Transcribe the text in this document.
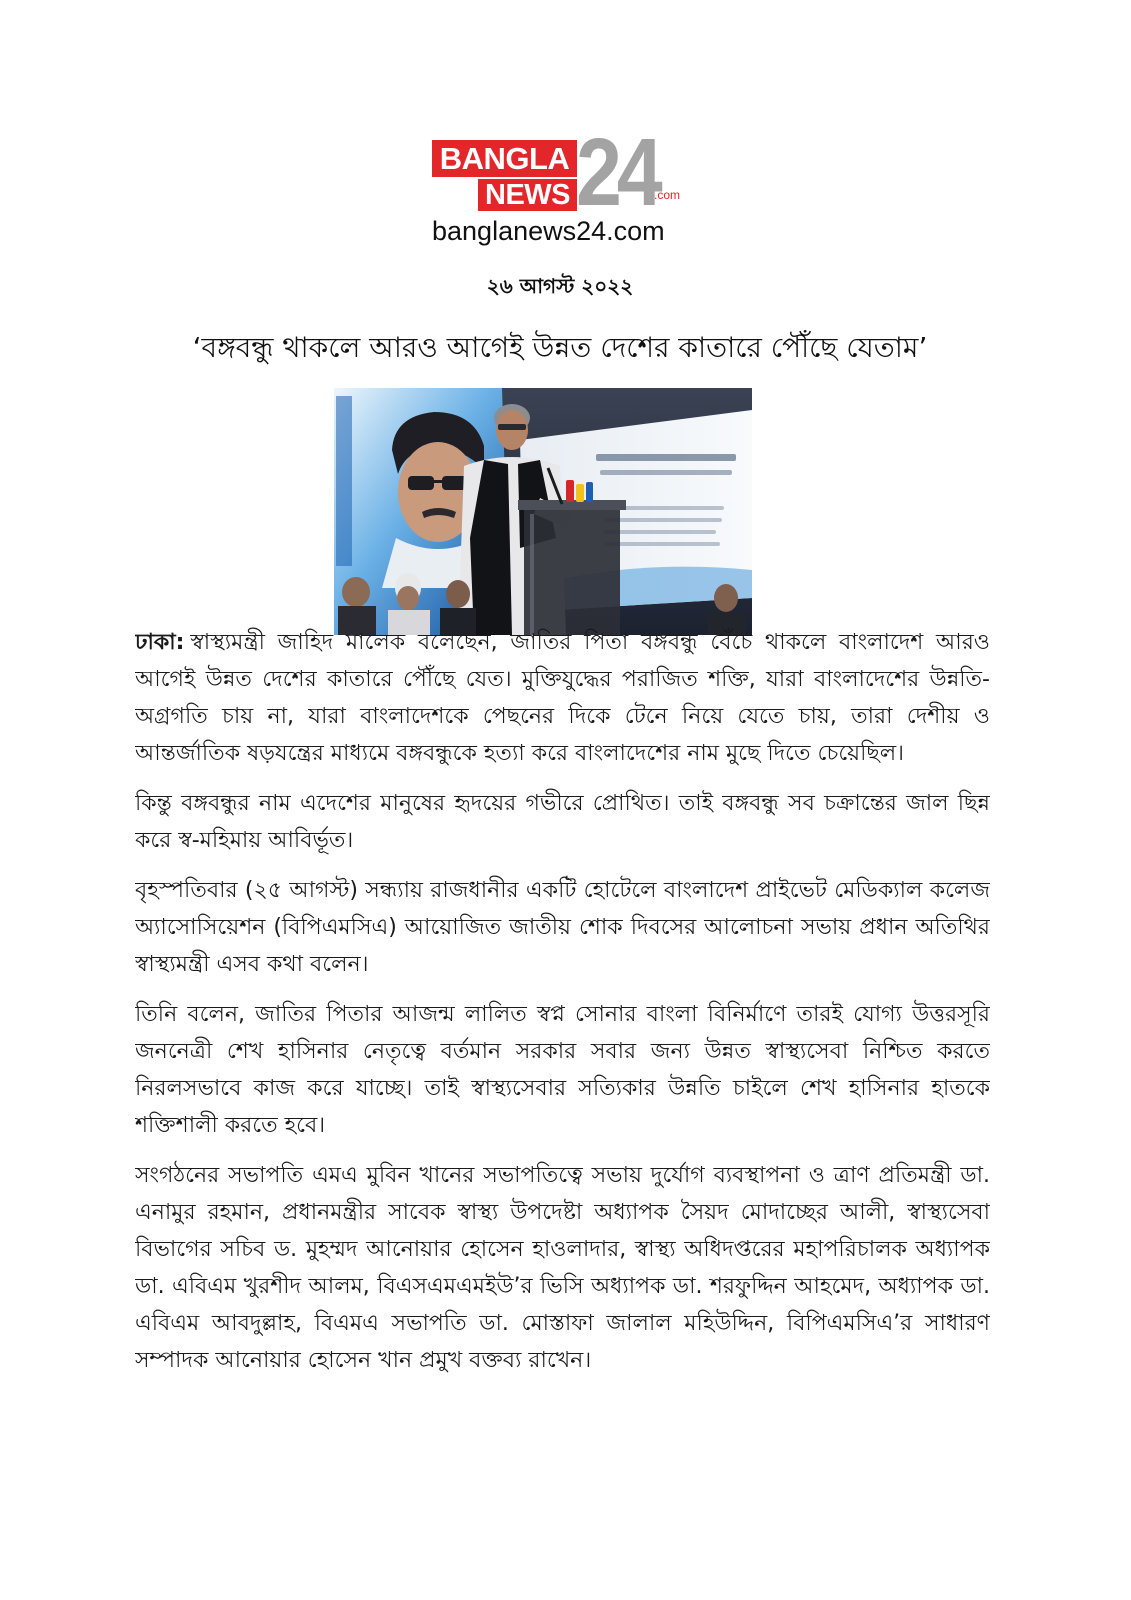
BANGLA
NEWS 24
.com
banglanews24.com
২৬ আগস্ট ২০২২
‘বঙ্গবন্ধু থাকলে আরও আগেই উন্নত দেশের কাতারে পৌঁছে যেতাম’

ঢাকা: স্বাস্থ্যমন্ত্রী জাহিদ মালেক বলেছেন, জাতির পিতা বঙ্গবন্ধু বেঁচে থাকলে বাংলাদেশ আরও আগেই উন্নত দেশের কাতারে পৌঁছে যেত। মুক্তিযুদ্ধের পরাজিত শক্তি, যারা বাংলাদেশের উন্নতি-অগ্রগতি চায় না, যারা বাংলাদেশকে পেছনের দিকে টেনে নিয়ে যেতে চায়, তারা দেশীয় ও আন্তর্জাতিক ষড়যন্ত্রের মাধ্যমে বঙ্গবন্ধুকে হত্যা করে বাংলাদেশের নাম মুছে দিতে চেয়েছিল।

কিন্তু বঙ্গবন্ধুর নাম এদেশের মানুষের হৃদয়ের গভীরে প্রোথিত। তাই বঙ্গবন্ধু সব চক্রান্তের জাল ছিন্ন করে স্ব-মহিমায় আবির্ভূত।

বৃহস্পতিবার (২৫ আগস্ট) সন্ধ্যায় রাজধানীর একটি হোটেলে বাংলাদেশ প্রাইভেট মেডিক্যাল কলেজ অ্যাসোসিয়েশন (বিপিএমসিএ) আয়োজিত জাতীয় শোক দিবসের আলোচনা সভায় প্রধান অতিথির স্বাস্থ্যমন্ত্রী এসব কথা বলেন।

তিনি বলেন, জাতির পিতার আজন্ম লালিত স্বপ্ন সোনার বাংলা বিনির্মাণে তারই যোগ্য উত্তরসূরি জননেত্রী শেখ হাসিনার নেতৃত্বে বর্তমান সরকার সবার জন্য উন্নত স্বাস্থ্যসেবা নিশ্চিত করতে নিরলসভাবে কাজ করে যাচ্ছে। তাই স্বাস্থ্যসেবার সত্যিকার উন্নতি চাইলে শেখ হাসিনার হাতকে শক্তিশালী করতে হবে।

সংগঠনের সভাপতি এমএ মুবিন খানের সভাপতিত্বে সভায় দুর্যোগ ব্যবস্থাপনা ও ত্রাণ প্রতিমন্ত্রী ডা. এনামুর রহমান, প্রধানমন্ত্রীর সাবেক স্বাস্থ্য উপদেষ্টা অধ্যাপক সৈয়দ মোদাচ্ছের আলী, স্বাস্থ্যসেবা বিভাগের সচিব ড. মুহম্মদ আনোয়ার হোসেন হাওলাদার, স্বাস্থ্য অধিদপ্তরের মহাপরিচালক অধ্যাপক ডা. এবিএম খুরশীদ আলম, বিএসএমএমইউ’র ভিসি অধ্যাপক ডা. শরফুদ্দিন আহমেদ, অধ্যাপক ডা. এবিএম আবদুল্লাহ, বিএমএ সভাপতি ডা. মোস্তাফা জালাল মহিউদ্দিন, বিপিএমসিএ’র সাধারণ সম্পাদক আনোয়ার হোসেন খান প্রমুখ বক্তব্য রাখেন।
